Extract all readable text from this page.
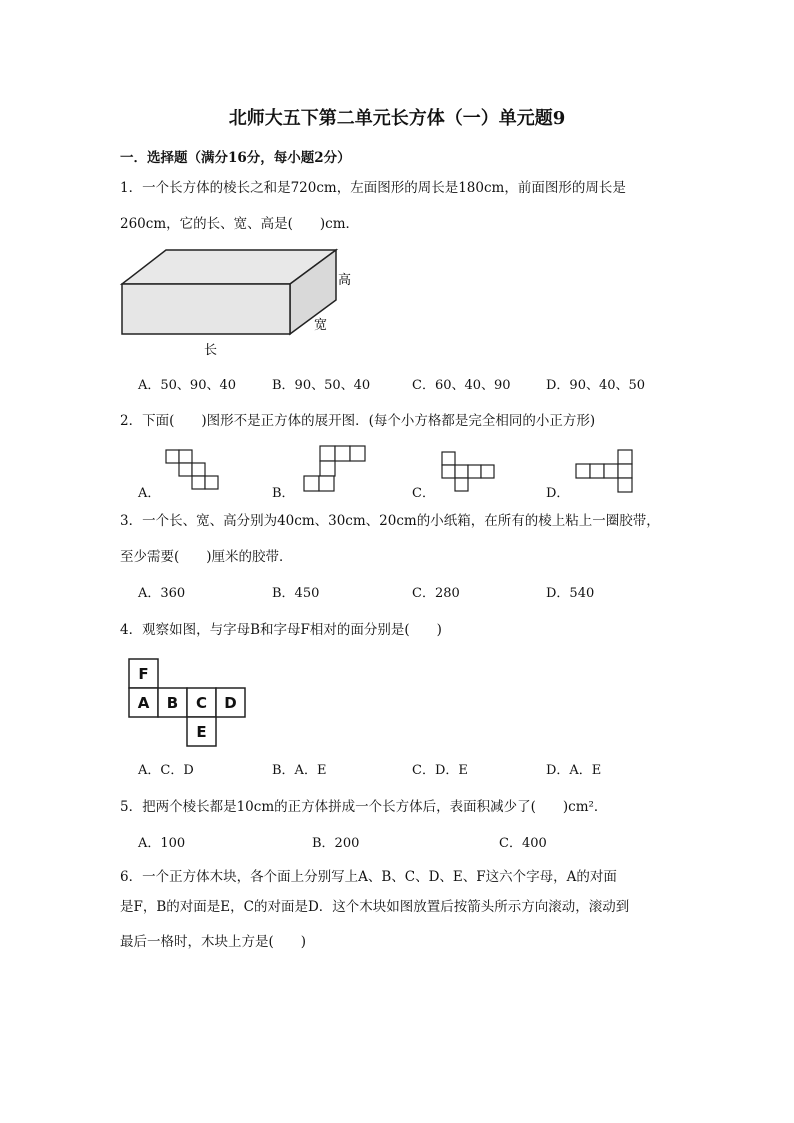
北师大五下第二单元长方体（一）单元题9
一．选择题（满分16分，每小题2分）
1．一个长方体的棱长之和是720cm，左面图形的周长是180cm，前面图形的周长是
260cm，它的长、宽、高是(　　)cm．
高
宽
长
A．50、90、40	B．90、50、40	C．60、40、90	D．90、40、50
2．下面(　　)图形不是正方体的展开图．(每个小方格都是完全相同的小正方形)
A．	B．	C．	D．
3．一个长、宽、高分别为40cm、30cm、20cm的小纸箱，在所有的棱上粘上一圈胶带，
至少需要(　　)厘米的胶带．
A．360	B．450	C．280	D．540
4．观察如图，与字母B和字母F相对的面分别是(　　)
F
A B C D
E
A．C．D	B．A．E	C．D．E	D．A．E
5．把两个棱长都是10cm的正方体拼成一个长方体后，表面积减少了(　　)cm²．
A．100	B．200	C．400
6．一个正方体木块，各个面上分别写上A、B、C、D、E、F这六个字母，A的对面
是F，B的对面是E，C的对面是D．这个木块如图放置后按箭头所示方向滚动，滚动到
最后一格时，木块上方是(　　)
